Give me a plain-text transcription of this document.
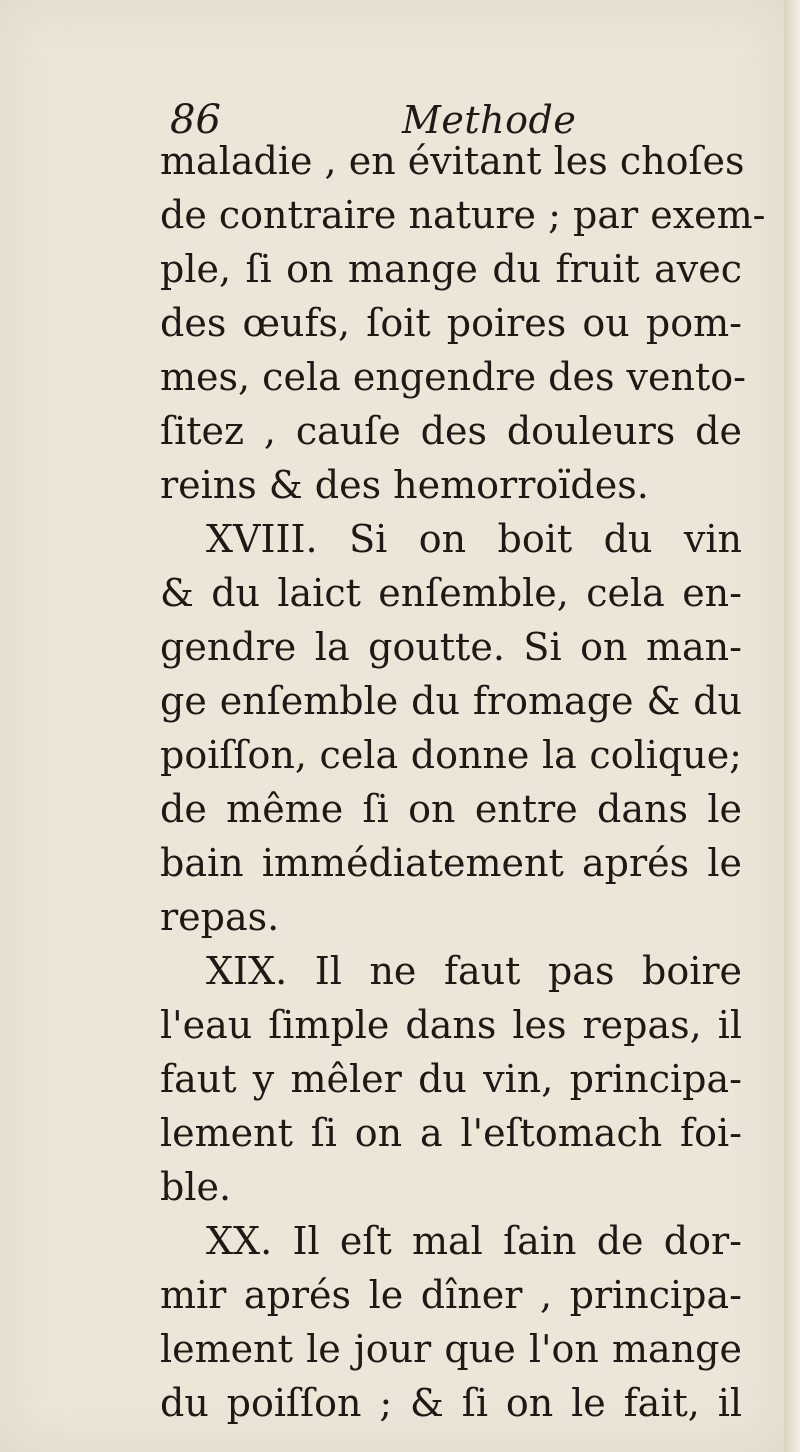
86	Methode
maladie , en évitant les choſes
de contraire nature ; par exem-
ple, ſi on mange du fruit avec
des œufs, ſoit poires ou pom-
mes, cela engendre des vento-
ſitez , cauſe des douleurs de
reins & des hemorroïdes.
XVIII. Si on boit du vin
& du laict enſemble, cela en-
gendre la goutte. Si on man-
ge enſemble du fromage & du
poiſſon, cela donne la colique;
de même ſi on entre dans le
bain immédiatement aprés le
repas.
XIX. Il ne faut pas boire
l'eau ſimple dans les repas, il
faut y mêler du vin, principa-
lement ſi on a l'eſtomach foi-
ble.
XX. Il eſt mal ſain de dor-
mir aprés le dîner , principa-
lement le jour que l'on mange
du poiſſon ; & ſi on le fait, il
